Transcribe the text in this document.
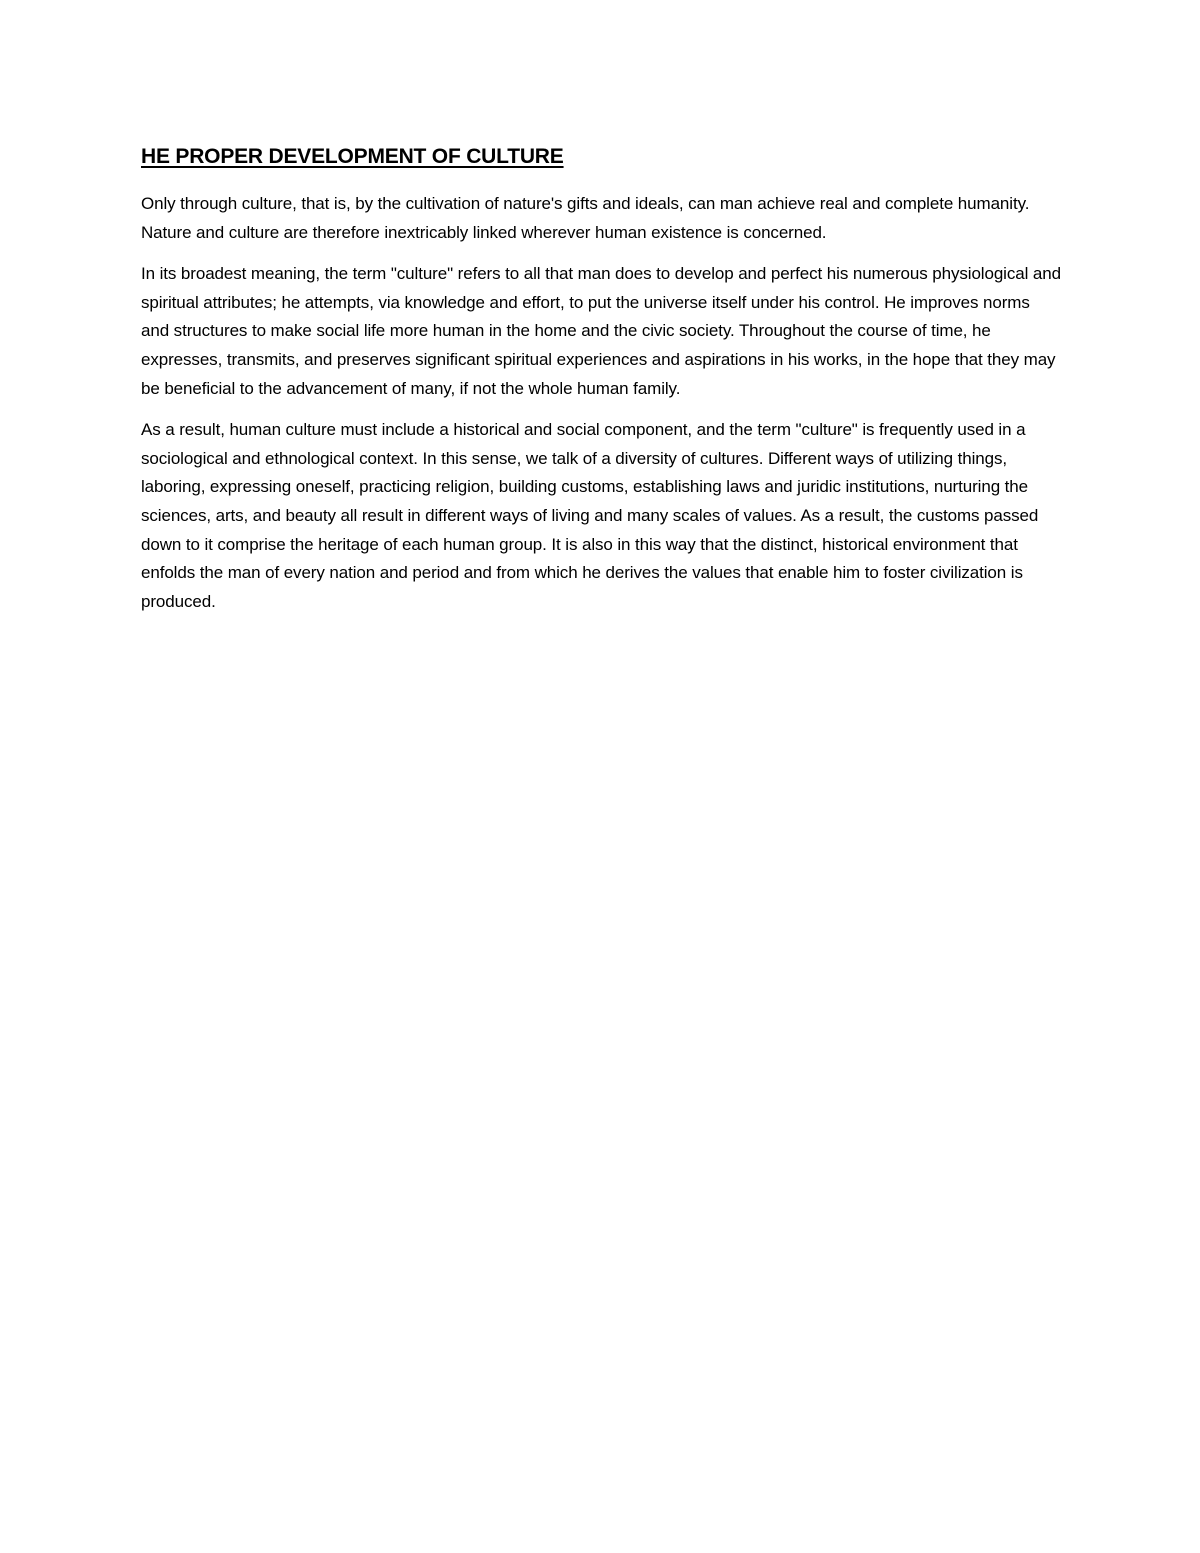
HE PROPER DEVELOPMENT OF CULTURE

Only through culture, that is, by the cultivation of nature's gifts and ideals, can man achieve real and complete humanity. Nature and culture are therefore inextricably linked wherever human existence is concerned.

In its broadest meaning, the term "culture" refers to all that man does to develop and perfect his numerous physiological and spiritual attributes; he attempts, via knowledge and effort, to put the universe itself under his control. He improves norms and structures to make social life more human in the home and the civic society. Throughout the course of time, he expresses, transmits, and preserves significant spiritual experiences and aspirations in his works, in the hope that they may be beneficial to the advancement of many, if not the whole human family.

As a result, human culture must include a historical and social component, and the term "culture" is frequently used in a sociological and ethnological context. In this sense, we talk of a diversity of cultures. Different ways of utilizing things, laboring, expressing oneself, practicing religion, building customs, establishing laws and juridic institutions, nurturing the sciences, arts, and beauty all result in different ways of living and many scales of values. As a result, the customs passed down to it comprise the heritage of each human group. It is also in this way that the distinct, historical environment that enfolds the man of every nation and period and from which he derives the values that enable him to foster civilization is produced.
